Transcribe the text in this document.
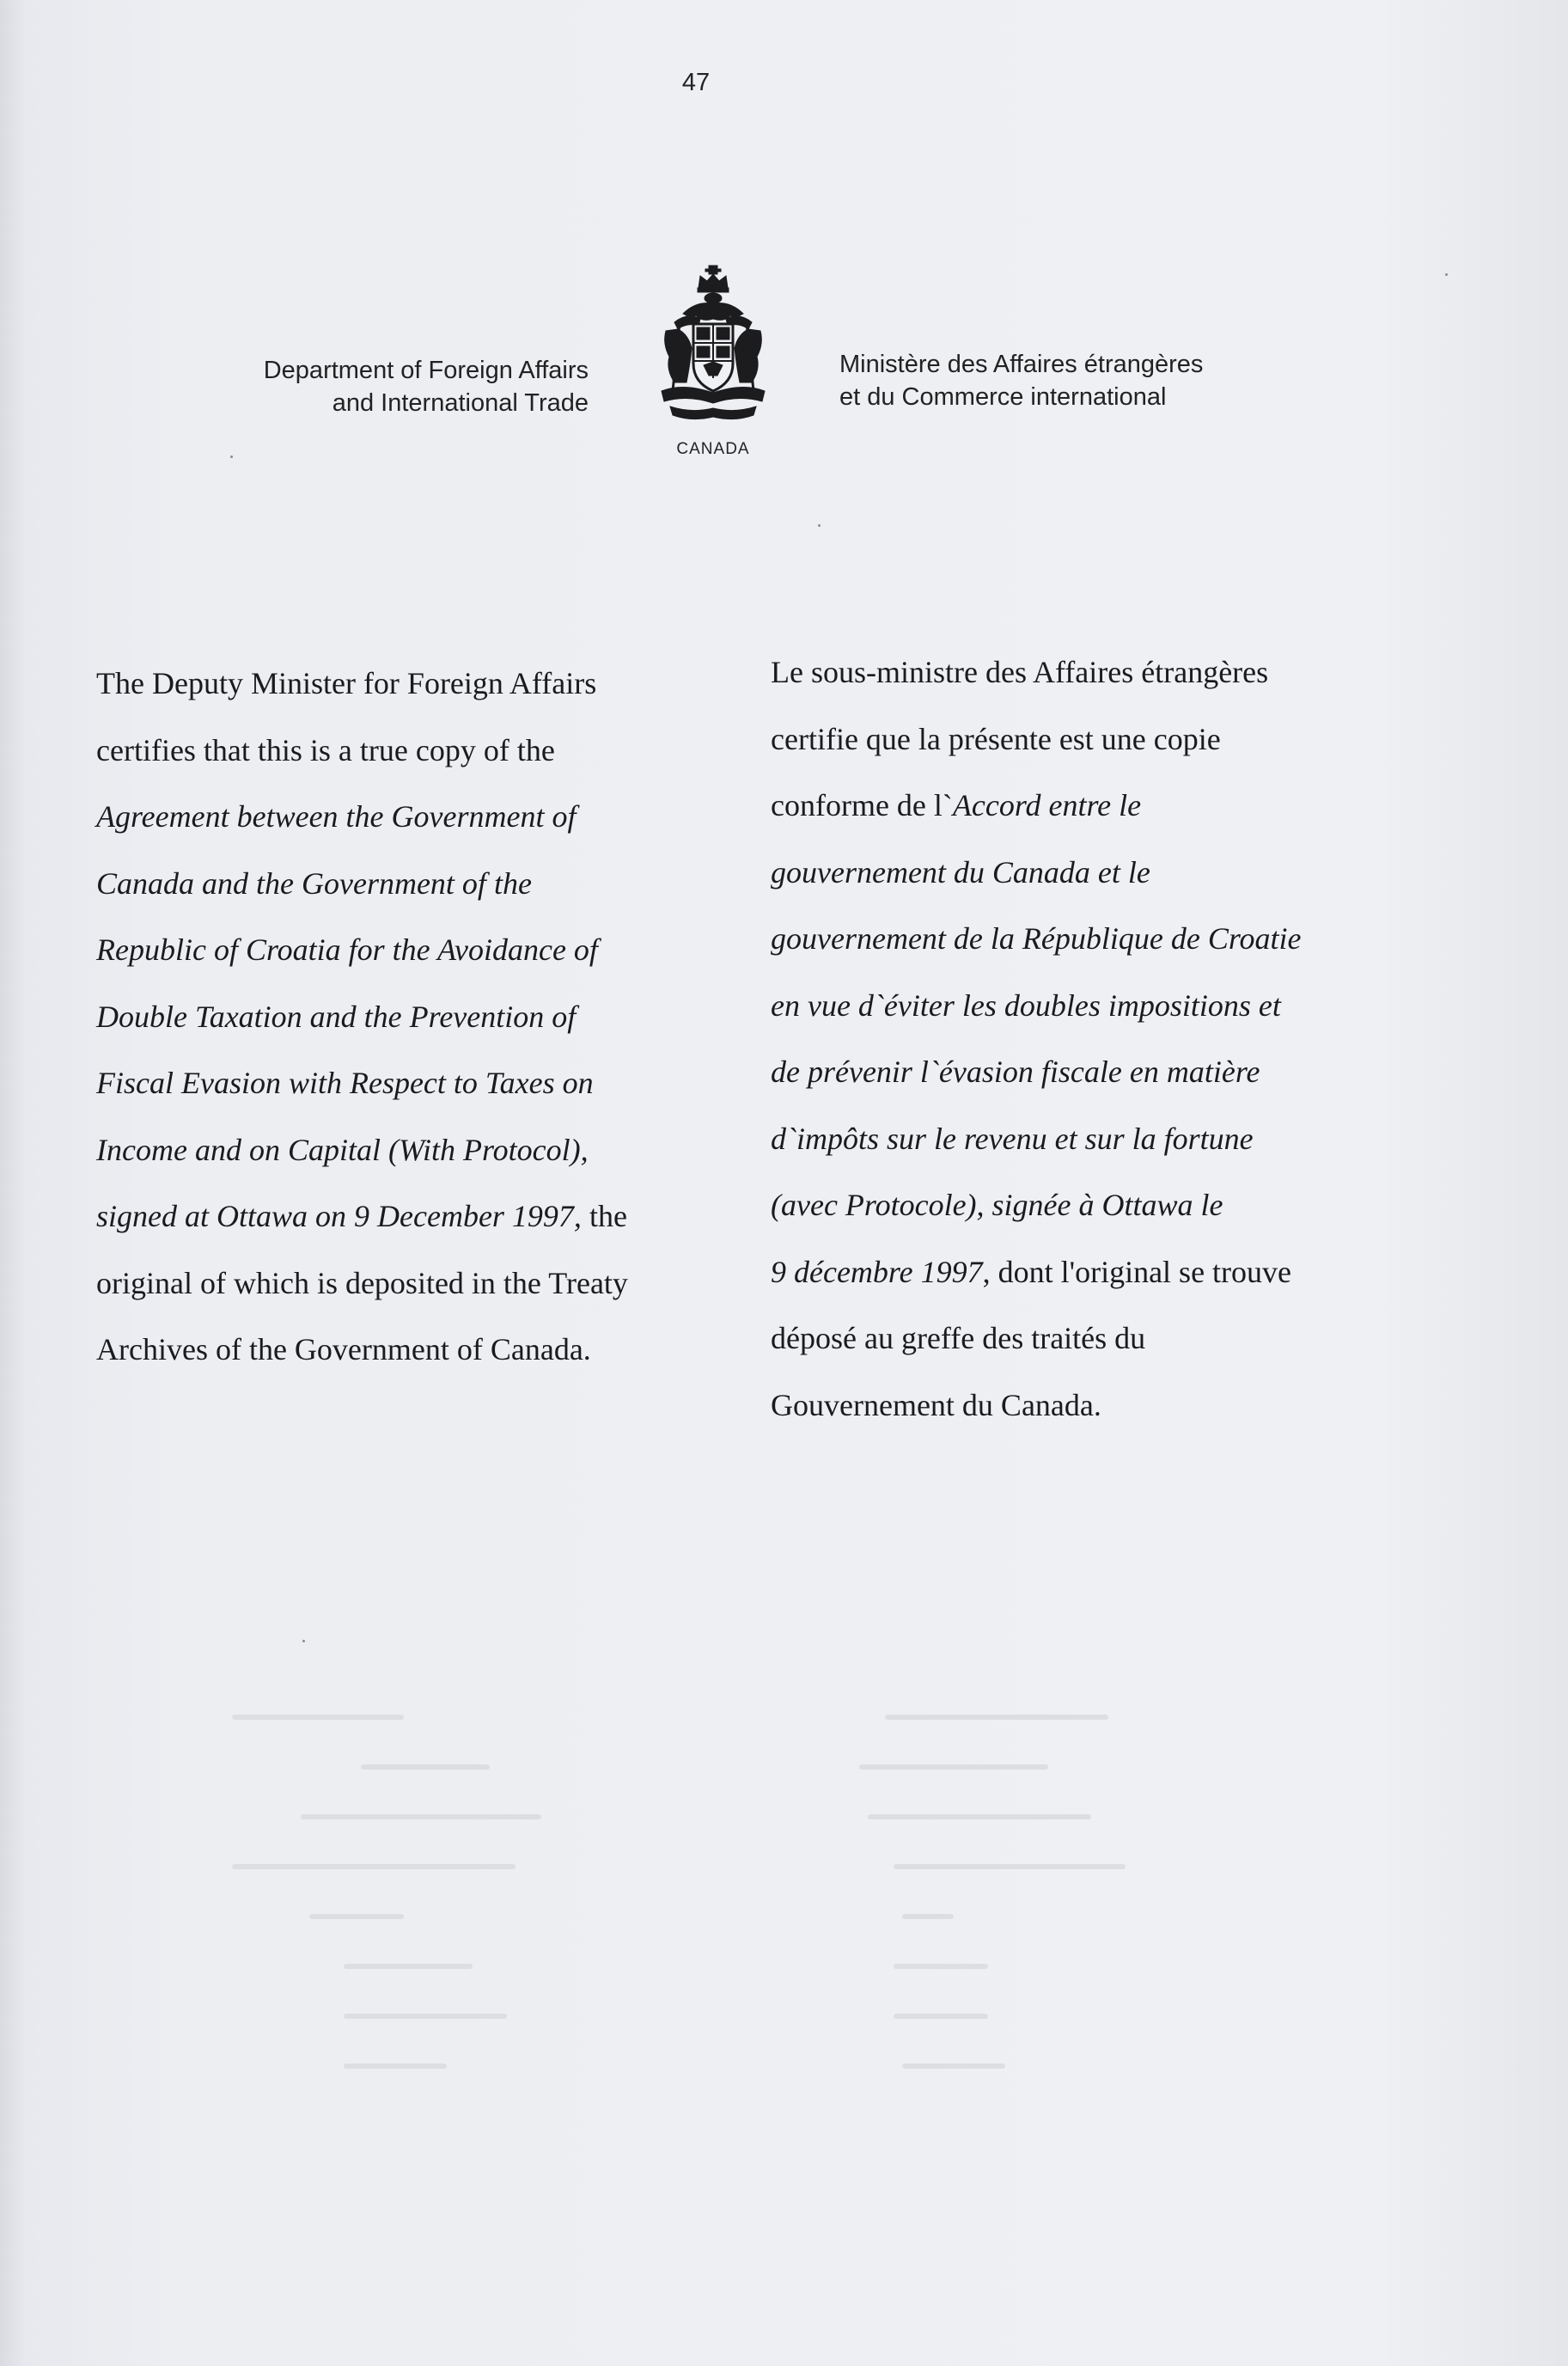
47
Department of Foreign Affairs
and International Trade
CANADA
Ministère des Affaires étrangères
et du Commerce international
The Deputy Minister for Foreign Affairs
certifies that this is a true copy of the
Agreement between the Government of
Canada and the Government of the
Republic of Croatia for the Avoidance of
Double Taxation and the Prevention of
Fiscal Evasion with Respect to Taxes on
Income and on Capital (With Protocol),
signed at Ottawa on 9 December 1997, the
original of which is deposited in the Treaty
Archives of the Government of Canada.
Le sous-ministre des Affaires étrangères
certifie que la présente est une copie
conforme de l`Accord entre le
gouvernement du Canada et le
gouvernement de la République de Croatie
en vue d`éviter les doubles impositions et
de prévenir l`évasion fiscale en matière
d`impôts sur le revenu et sur la fortune
(avec Protocole), signée à Ottawa le
9 décembre 1997, dont l'original se trouve
déposé au greffe des traités du
Gouvernement du Canada.
